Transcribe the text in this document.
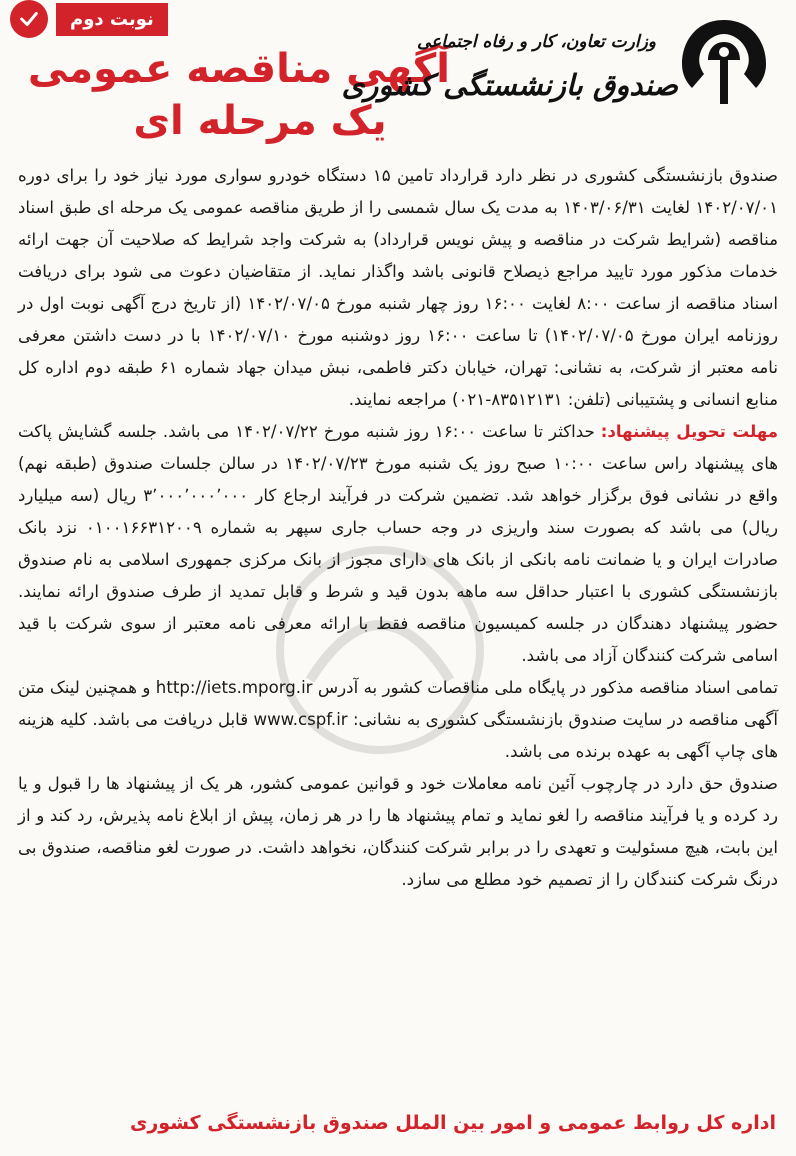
نوبت دوم
آگهی مناقصه عمومی
یک مرحله ای
وزارت تعاون، کار و رفاه اجتماعی
صندوق بازنشستگی کشوری

صندوق بازنشستگی کشوری در نظر دارد قرارداد تامین ۱۵ دستگاه خودرو سواری مورد نیاز خود را برای دوره ۱۴۰۲/۰۷/۰۱ لغایت ۱۴۰۳/۰۶/۳۱ به مدت یک سال شمسی را از طریق مناقصه عمومی یک مرحله ای طبق اسناد مناقصه (شرایط شرکت در مناقصه و پیش نویس قرارداد) به شرکت واجد شرایط که صلاحیت آن جهت ارائه خدمات مذکور مورد تایید مراجع ذیصلاح قانونی باشد واگذار نماید. از متقاضیان دعوت می شود برای دریافت اسناد مناقصه از ساعت ۸:۰۰ لغایت ۱۶:۰۰ روز چهار شنبه مورخ ۱۴۰۲/۰۷/۰۵ (از تاریخ درج آگهی نوبت اول در روزنامه ایران مورخ ۱۴۰۲/۰۷/۰۵) تا ساعت ۱۶:۰۰ روز دوشنبه مورخ ۱۴۰۲/۰۷/۱۰ با در دست داشتن معرفی نامه معتبر از شرکت، به نشانی: تهران، خیابان دکتر فاطمی، نبش میدان جهاد شماره ۶۱ طبقه دوم اداره کل منابع انسانی و پشتیبانی (تلفن: ۸۳۵۱۲۱۳۱-۰۲۱) مراجعه نمایند.

مهلت تحویل پیشنهاد: حداکثر تا ساعت ۱۶:۰۰ روز شنبه مورخ ۱۴۰۲/۰۷/۲۲ می باشد. جلسه گشایش پاکت های پیشنهاد راس ساعت ۱۰:۰۰ صبح روز یک شنبه مورخ ۱۴۰۲/۰۷/۲۳ در سالن جلسات صندوق (طبقه نهم) واقع در نشانی فوق برگزار خواهد شد. تضمین شرکت در فرآیند ارجاع کار ۳٬۰۰۰٬۰۰۰٬۰۰۰ ریال (سه میلیارد ریال) می باشد که بصورت سند واریزی در وجه حساب جاری سپهر به شماره ۰۱۰۰۱۶۶۳۱۲۰۰۹ نزد بانک صادرات ایران و یا ضمانت نامه بانکی از بانک های دارای مجوز از بانک مرکزی جمهوری اسلامی به نام صندوق بازنشستگی کشوری با اعتبار حداقل سه ماهه بدون قید و شرط و قابل تمدید از طرف صندوق ارائه نمایند. حضور پیشنهاد دهندگان در جلسه کمیسیون مناقصه فقط با ارائه معرفی نامه معتبر از سوی شرکت با قید اسامی شرکت کنندگان آزاد می باشد.

تمامی اسناد مناقصه مذکور در پایگاه ملی مناقصات کشور به آدرس http://iets.mporg.ir و همچنین لینک متن آگهی مناقصه در سایت صندوق بازنشستگی کشوری به نشانی: www.cspf.ir قابل دریافت می باشد. کلیه هزینه های چاپ آگهی به عهده برنده می باشد.

صندوق حق دارد در چارچوب آئین نامه معاملات خود و قوانین عمومی کشور، هر یک از پیشنهاد ها را قبول و یا رد کرده و یا فرآیند مناقصه را لغو نماید و تمام پیشنهاد ها را در هر زمان، پیش از ابلاغ نامه پذیرش، رد کند و از این بابت، هیچ مسئولیت و تعهدی را در برابر شرکت کنندگان، نخواهد داشت. در صورت لغو مناقصه، صندوق بی درنگ شرکت کنندگان را از تصمیم خود مطلع می سازد.

اداره کل روابط عمومی و امور بین الملل صندوق بازنشستگی کشوری
